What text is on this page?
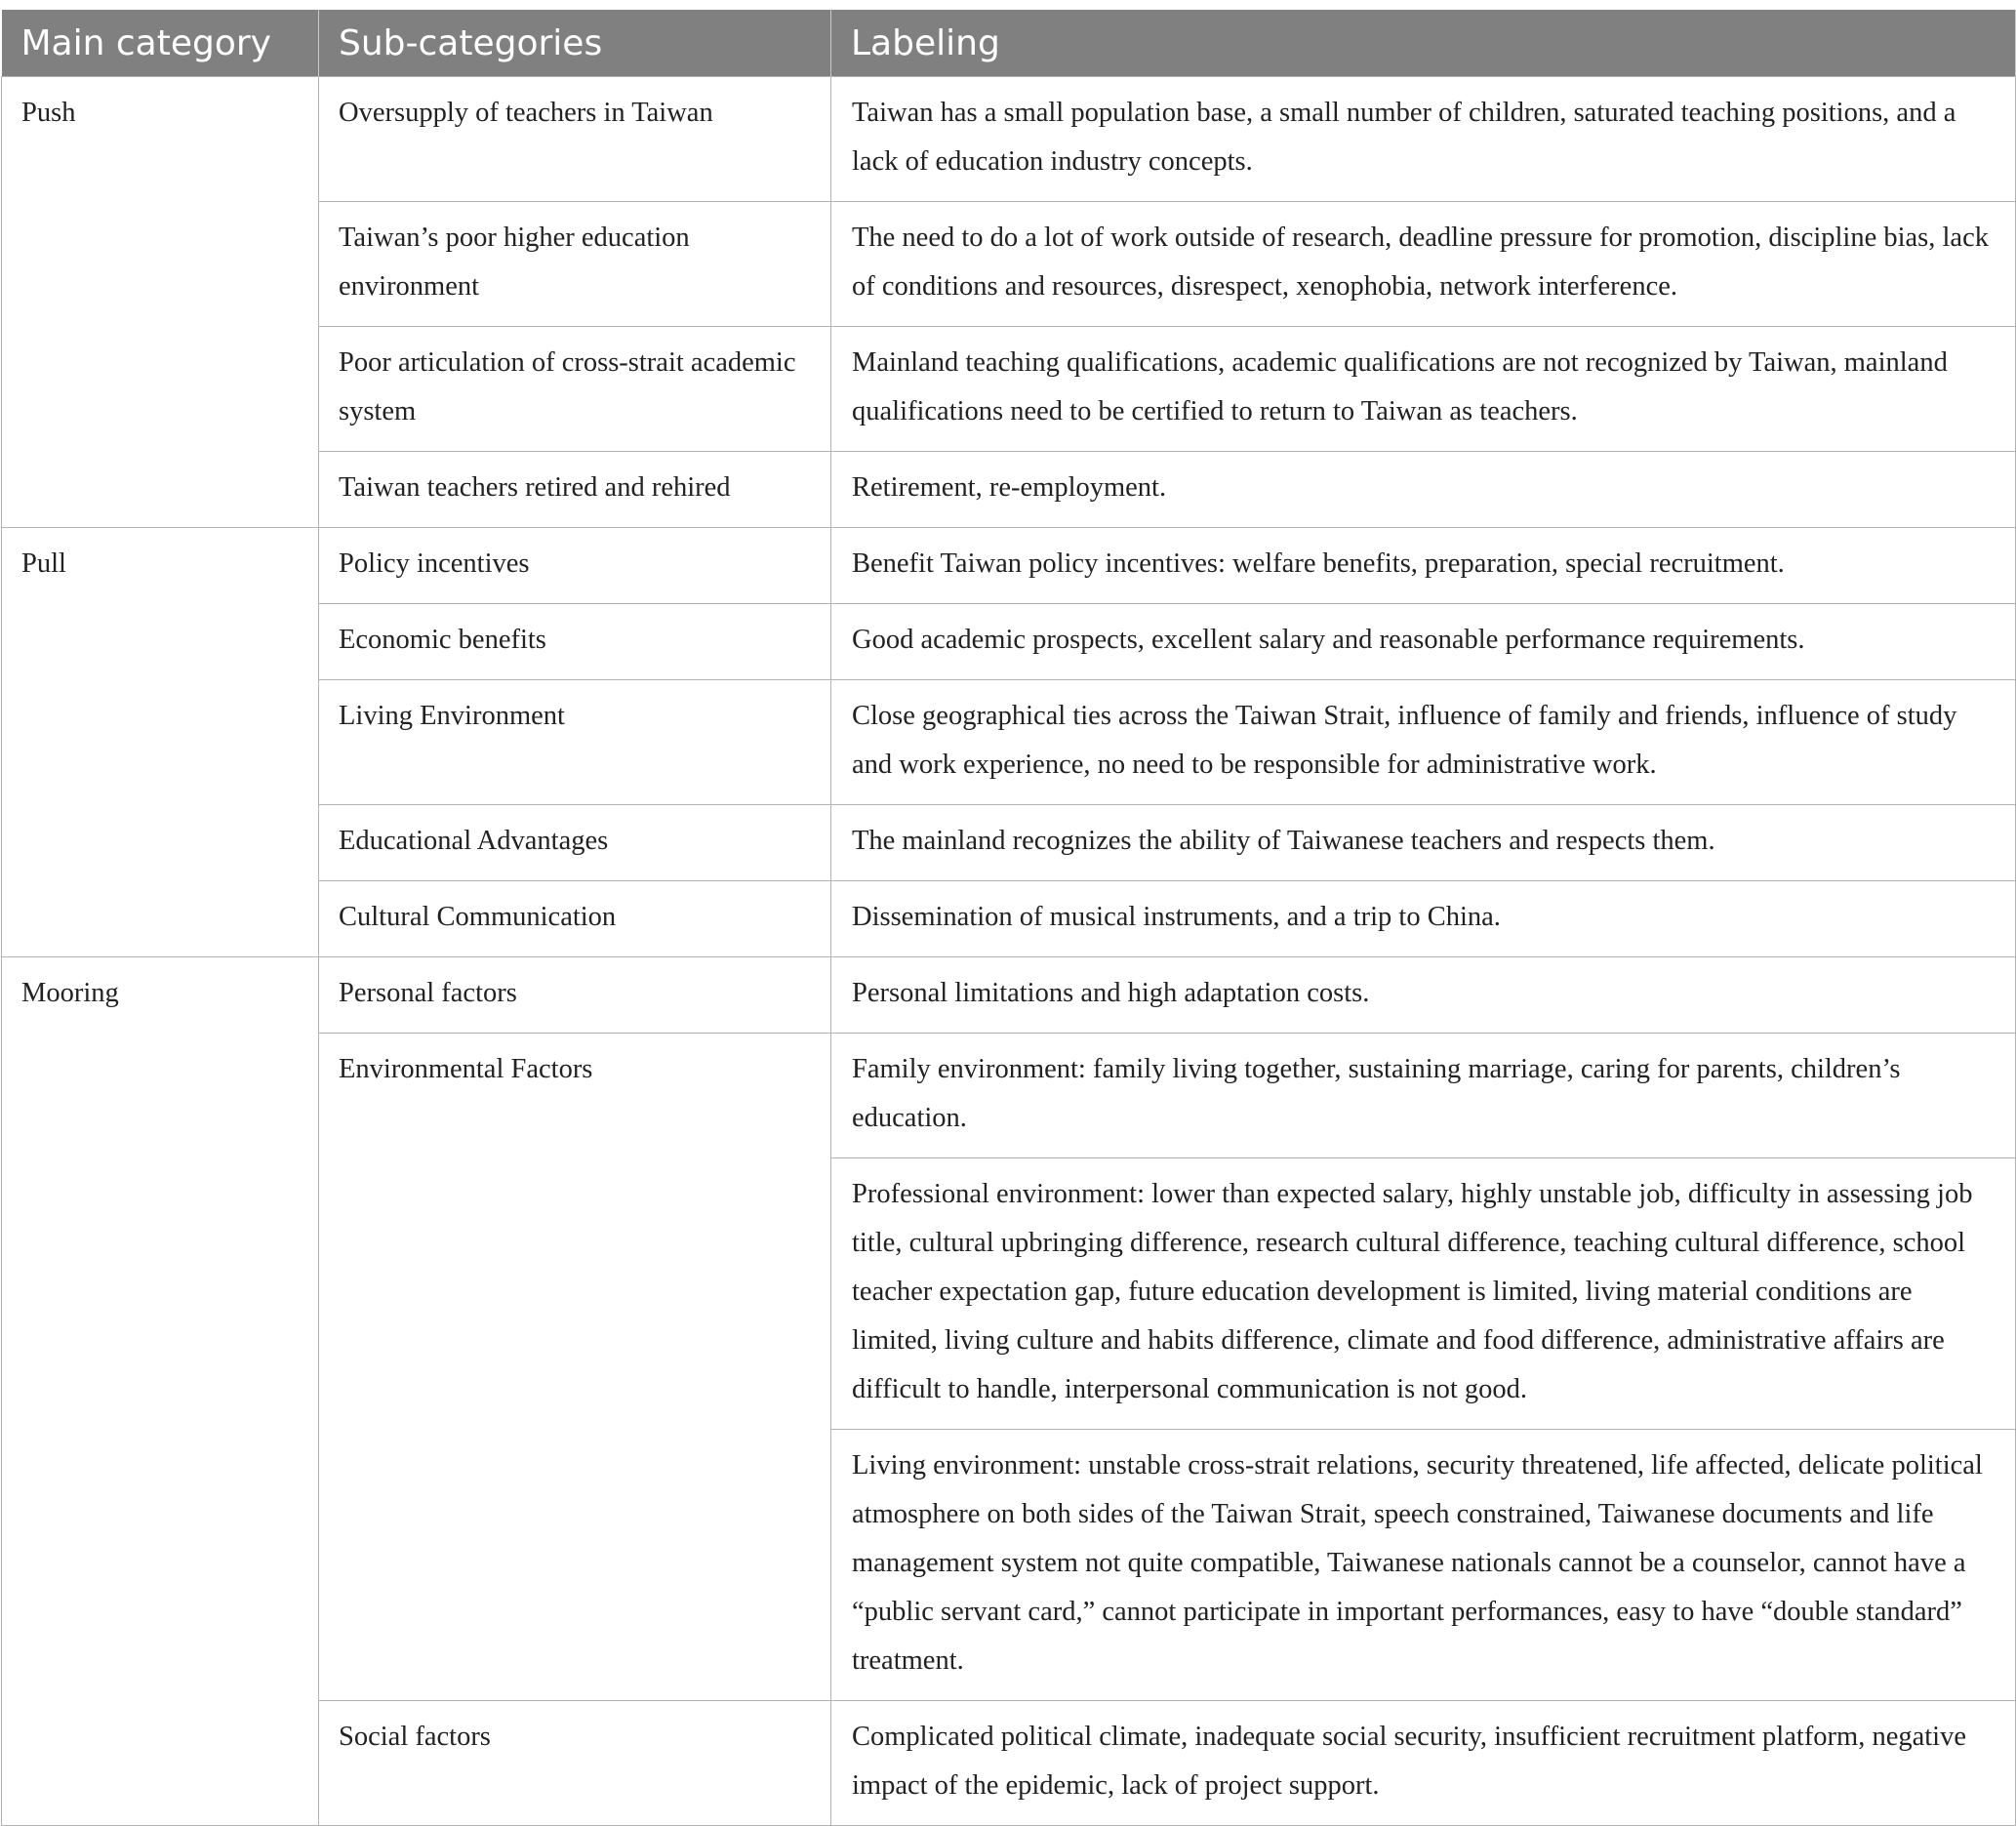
Main category	Sub-categories	Labeling
Push	Oversupply of teachers in Taiwan	Taiwan has a small population base, a small number of children, saturated teaching positions, and a lack of education industry concepts.
	Taiwan’s poor higher education environment	The need to do a lot of work outside of research, deadline pressure for promotion, discipline bias, lack of conditions and resources, disrespect, xenophobia, network interference.
	Poor articulation of cross-strait academic system	Mainland teaching qualifications, academic qualifications are not recognized by Taiwan, mainland qualifications need to be certified to return to Taiwan as teachers.
	Taiwan teachers retired and rehired	Retirement, re-employment.
Pull	Policy incentives	Benefit Taiwan policy incentives: welfare benefits, preparation, special recruitment.
	Economic benefits	Good academic prospects, excellent salary and reasonable performance requirements.
	Living Environment	Close geographical ties across the Taiwan Strait, influence of family and friends, influence of study and work experience, no need to be responsible for administrative work.
	Educational Advantages	The mainland recognizes the ability of Taiwanese teachers and respects them.
	Cultural Communication	Dissemination of musical instruments, and a trip to China.
Mooring	Personal factors	Personal limitations and high adaptation costs.
	Environmental Factors	Family environment: family living together, sustaining marriage, caring for parents, children’s education.
		Professional environment: lower than expected salary, highly unstable job, difficulty in assessing job title, cultural upbringing difference, research cultural difference, teaching cultural difference, school teacher expectation gap, future education development is limited, living material conditions are limited, living culture and habits difference, climate and food difference, administrative affairs are difficult to handle, interpersonal communication is not good.
		Living environment: unstable cross-strait relations, security threatened, life affected, delicate political atmosphere on both sides of the Taiwan Strait, speech constrained, Taiwanese documents and life management system not quite compatible, Taiwanese nationals cannot be a counselor, cannot have a “public servant card,” cannot participate in important performances, easy to have “double standard” treatment.
	Social factors	Complicated political climate, inadequate social security, insufficient recruitment platform, negative impact of the epidemic, lack of project support.
